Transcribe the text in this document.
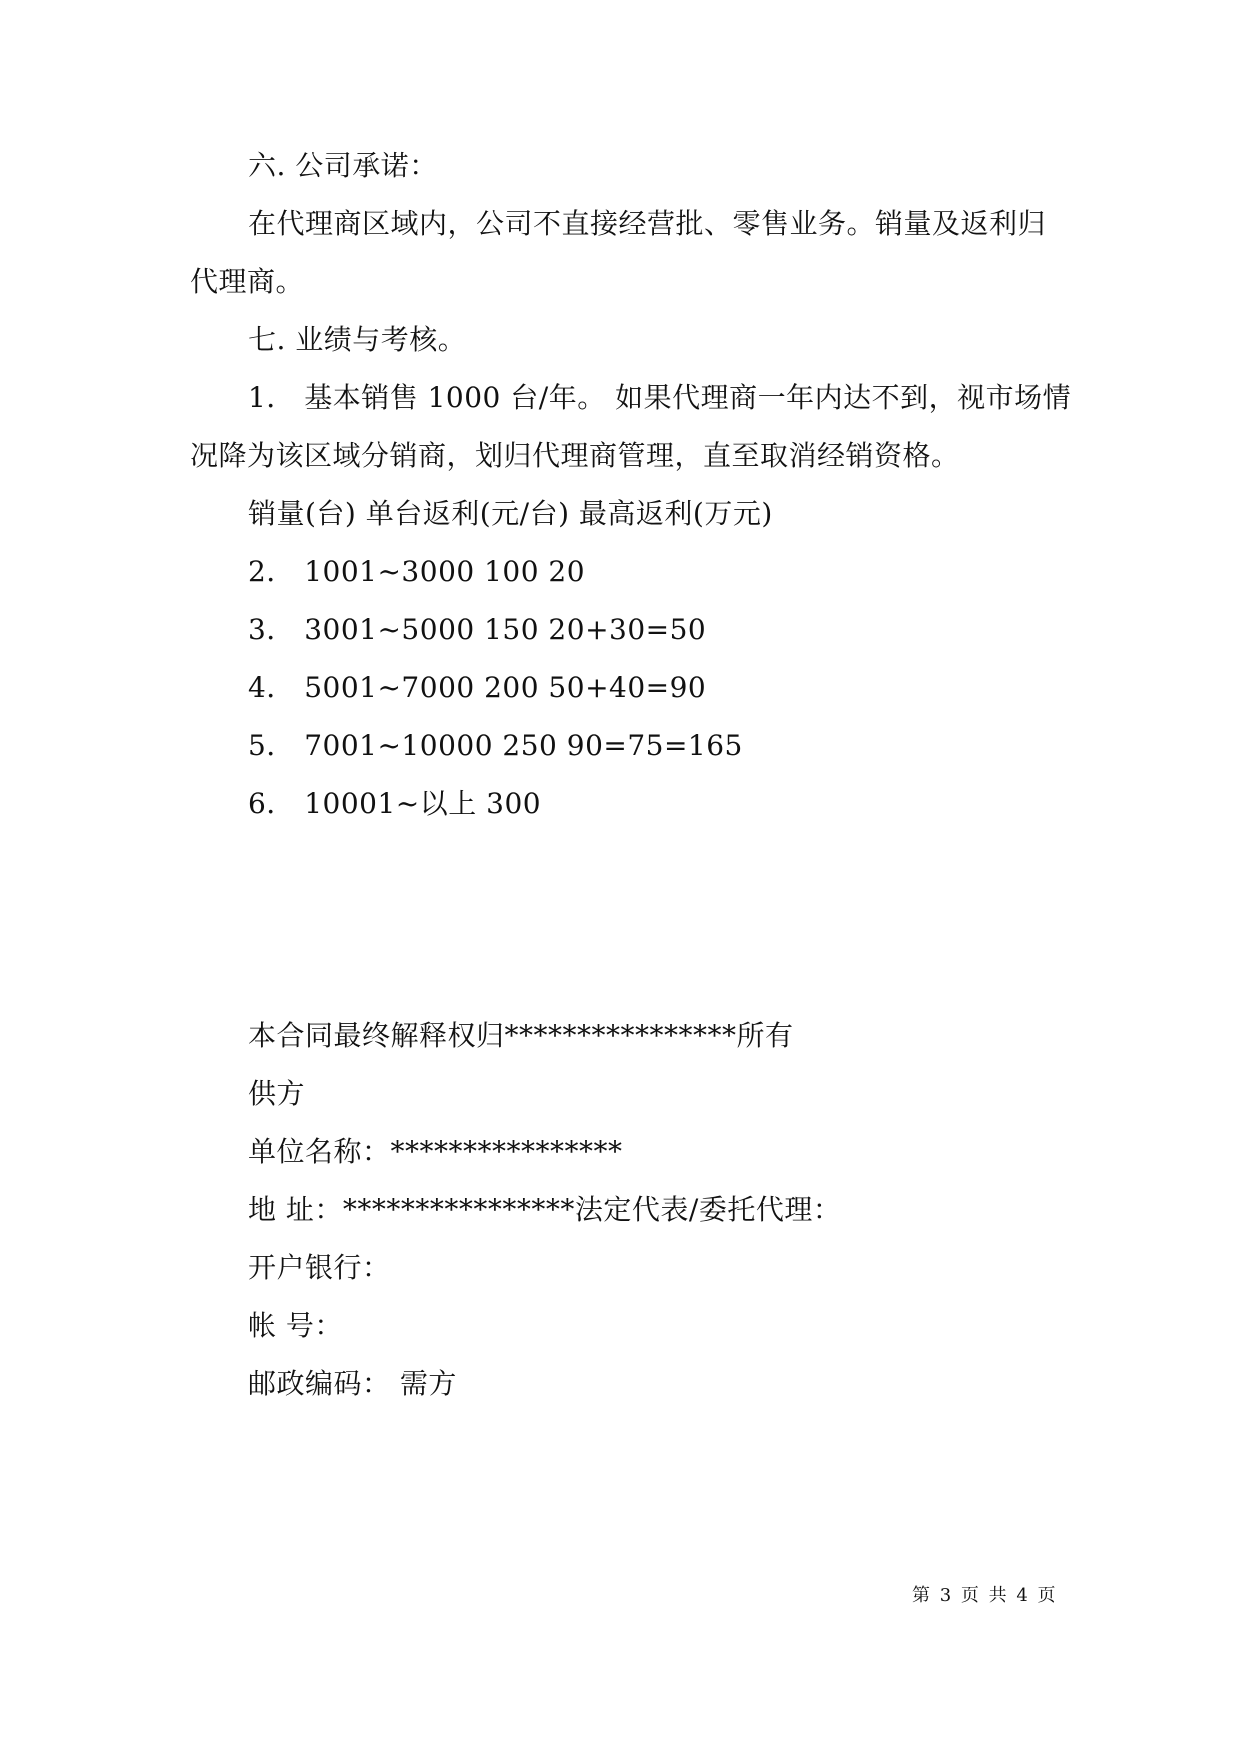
六. 公司承诺：
在代理商区域内，公司不直接经营批、零售业务。销量及返利归
代理商。
七. 业绩与考核。
1． 基本销售 1000 台/年。 如果代理商一年内达不到，视市场情
况降为该区域分销商，划归代理商管理，直至取消经销资格。
销量(台) 单台返利(元/台) 最高返利(万元)
2． 1001~3000 100 20
3． 3001~5000 150 20+30=50
4． 5001~7000 200 50+40=90
5． 7001~10000 250 90=75=165
6． 10001~以上 300
本合同最终解释权归****************所有
供方
单位名称：****************
地 址：****************法定代表/委托代理：
开户银行：
帐 号：
邮政编码： 需方
第 3 页 共 4 页
